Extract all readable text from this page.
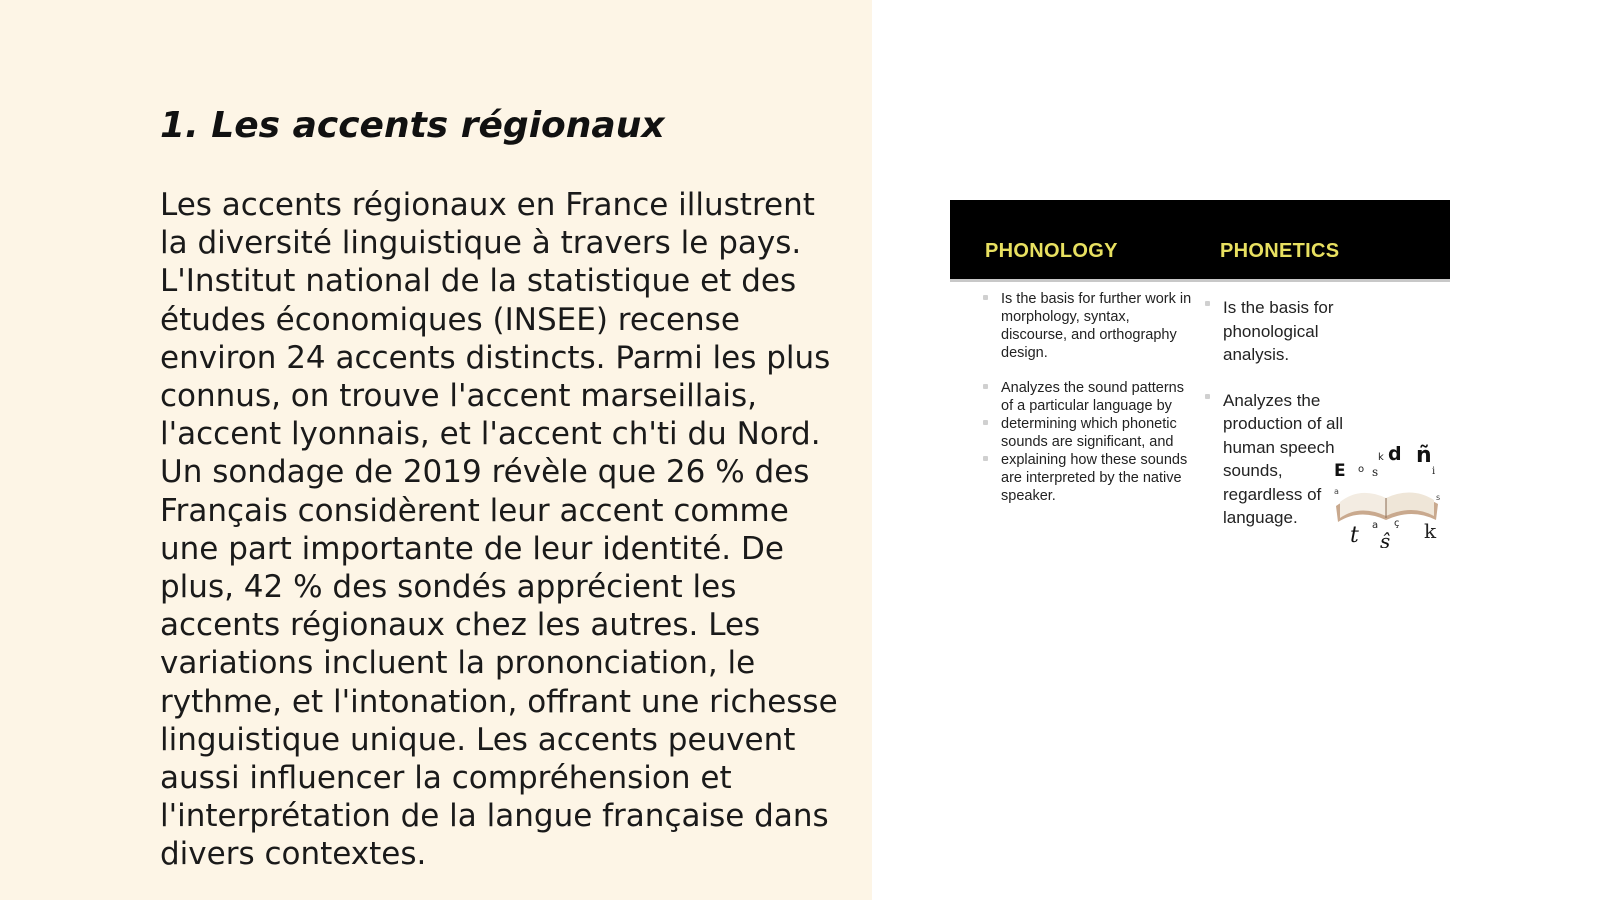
1. Les accents régionaux

Les accents régionaux en France illustrent la diversité linguistique à travers le pays. L'Institut national de la statistique et des études économiques (INSEE) recense environ 24 accents distincts. Parmi les plus connus, on trouve l'accent marseillais, l'accent lyonnais, et l'accent ch'ti du Nord. Un sondage de 2019 révèle que 26 % des Français considèrent leur accent comme une part importante de leur identité. De plus, 42 % des sondés apprécient les accents régionaux chez les autres. Les variations incluent la prononciation, le rythme, et l'intonation, offrant une richesse linguistique unique. Les accents peuvent aussi influencer la compréhension et l'interprétation de la langue française dans divers contextes.

PHONOLOGY	PHONETICS
Is the basis for further work in morphology, syntax, discourse, and orthography design.
Analyzes the sound patterns of a particular language by
determining which phonetic sounds are significant, and
explaining how these sounds are interpreted by the native speaker.
Is the basis for phonological analysis.
Analyzes the production of all human speech sounds, regardless of language.
E o s
k d ñ
i
t a ç
ŝ k
a
s
